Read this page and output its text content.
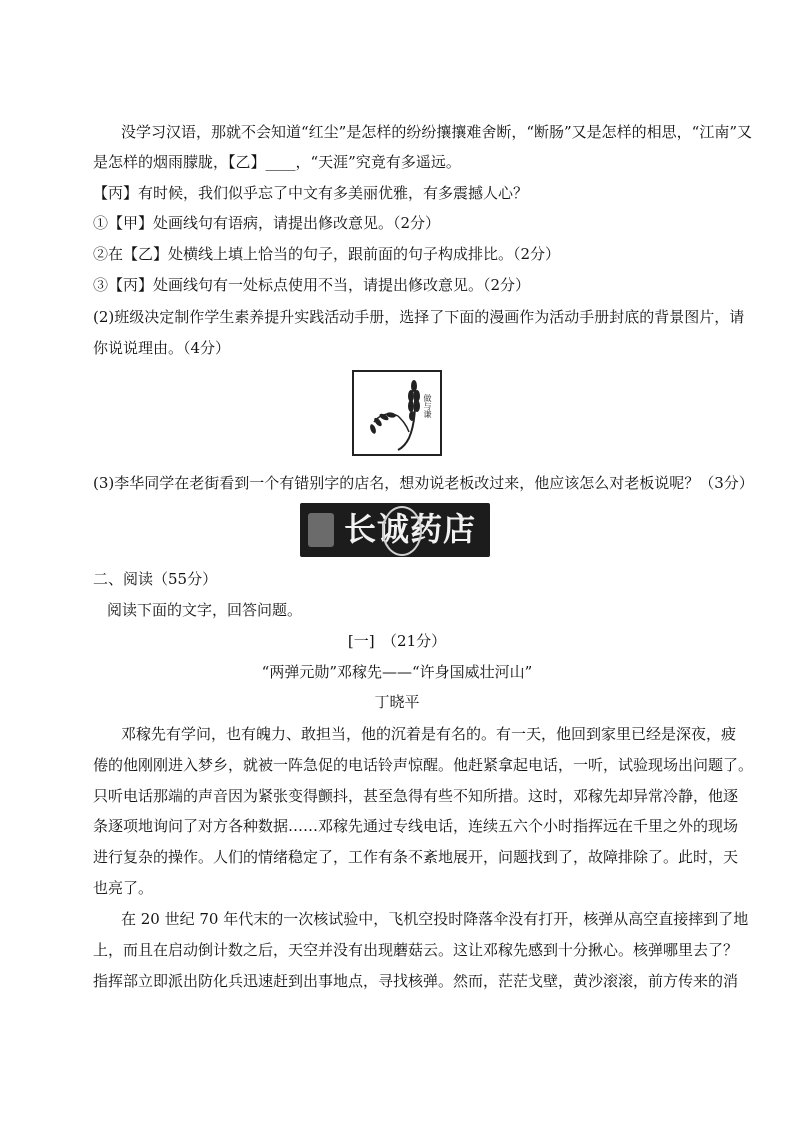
没学习汉语，那就不会知道“红尘”是怎样的纷纷攘攘难舍断，“断肠”又是怎样的相思，“江南”又
是怎样的烟雨朦胧，【乙】____，“天涯”究竟有多遥远。
【丙】有时候，我们似乎忘了中文有多美丽优雅，有多震撼人心？
①【甲】处画线句有语病，请提出修改意见。（2分）
②在【乙】处横线上填上恰当的句子，跟前面的句子构成排比。（2分）
③【丙】处画线句有一处标点使用不当，请提出修改意见。（2分）
(2)班级决定制作学生素养提升实践活动手册，选择了下面的漫画作为活动手册封底的背景图片，请
你说说理由。（4分）
做与谦
(3)李华同学在老街看到一个有错别字的店名，想劝说老板改过来，他应该怎么对老板说呢？（3分）
长诚药店
二、阅读（55分）
阅读下面的文字，回答问题。
[一]　（21分）
“两弹元勋”邓稼先——“许身国威壮河山”
丁晓平
邓稼先有学问，也有魄力、敢担当，他的沉着是有名的。有一天，他回到家里已经是深夜，疲
倦的他刚刚进入梦乡，就被一阵急促的电话铃声惊醒。他赶紧拿起电话，一听，试验现场出问题了。
只听电话那端的声音因为紧张变得颤抖，甚至急得有些不知所措。这时，邓稼先却异常冷静，他逐
条逐项地询问了对方各种数据……邓稼先通过专线电话，连续五六个小时指挥远在千里之外的现场
进行复杂的操作。人们的情绪稳定了，工作有条不紊地展开，问题找到了，故障排除了。此时，天
也亮了。
在 20 世纪 70 年代末的一次核试验中，飞机空投时降落伞没有打开，核弹从高空直接摔到了地
上，而且在启动倒计数之后，天空并没有出现蘑菇云。这让邓稼先感到十分揪心。核弹哪里去了？
指挥部立即派出防化兵迅速赶到出事地点，寻找核弹。然而，茫茫戈壁，黄沙滚滚，前方传来的消
